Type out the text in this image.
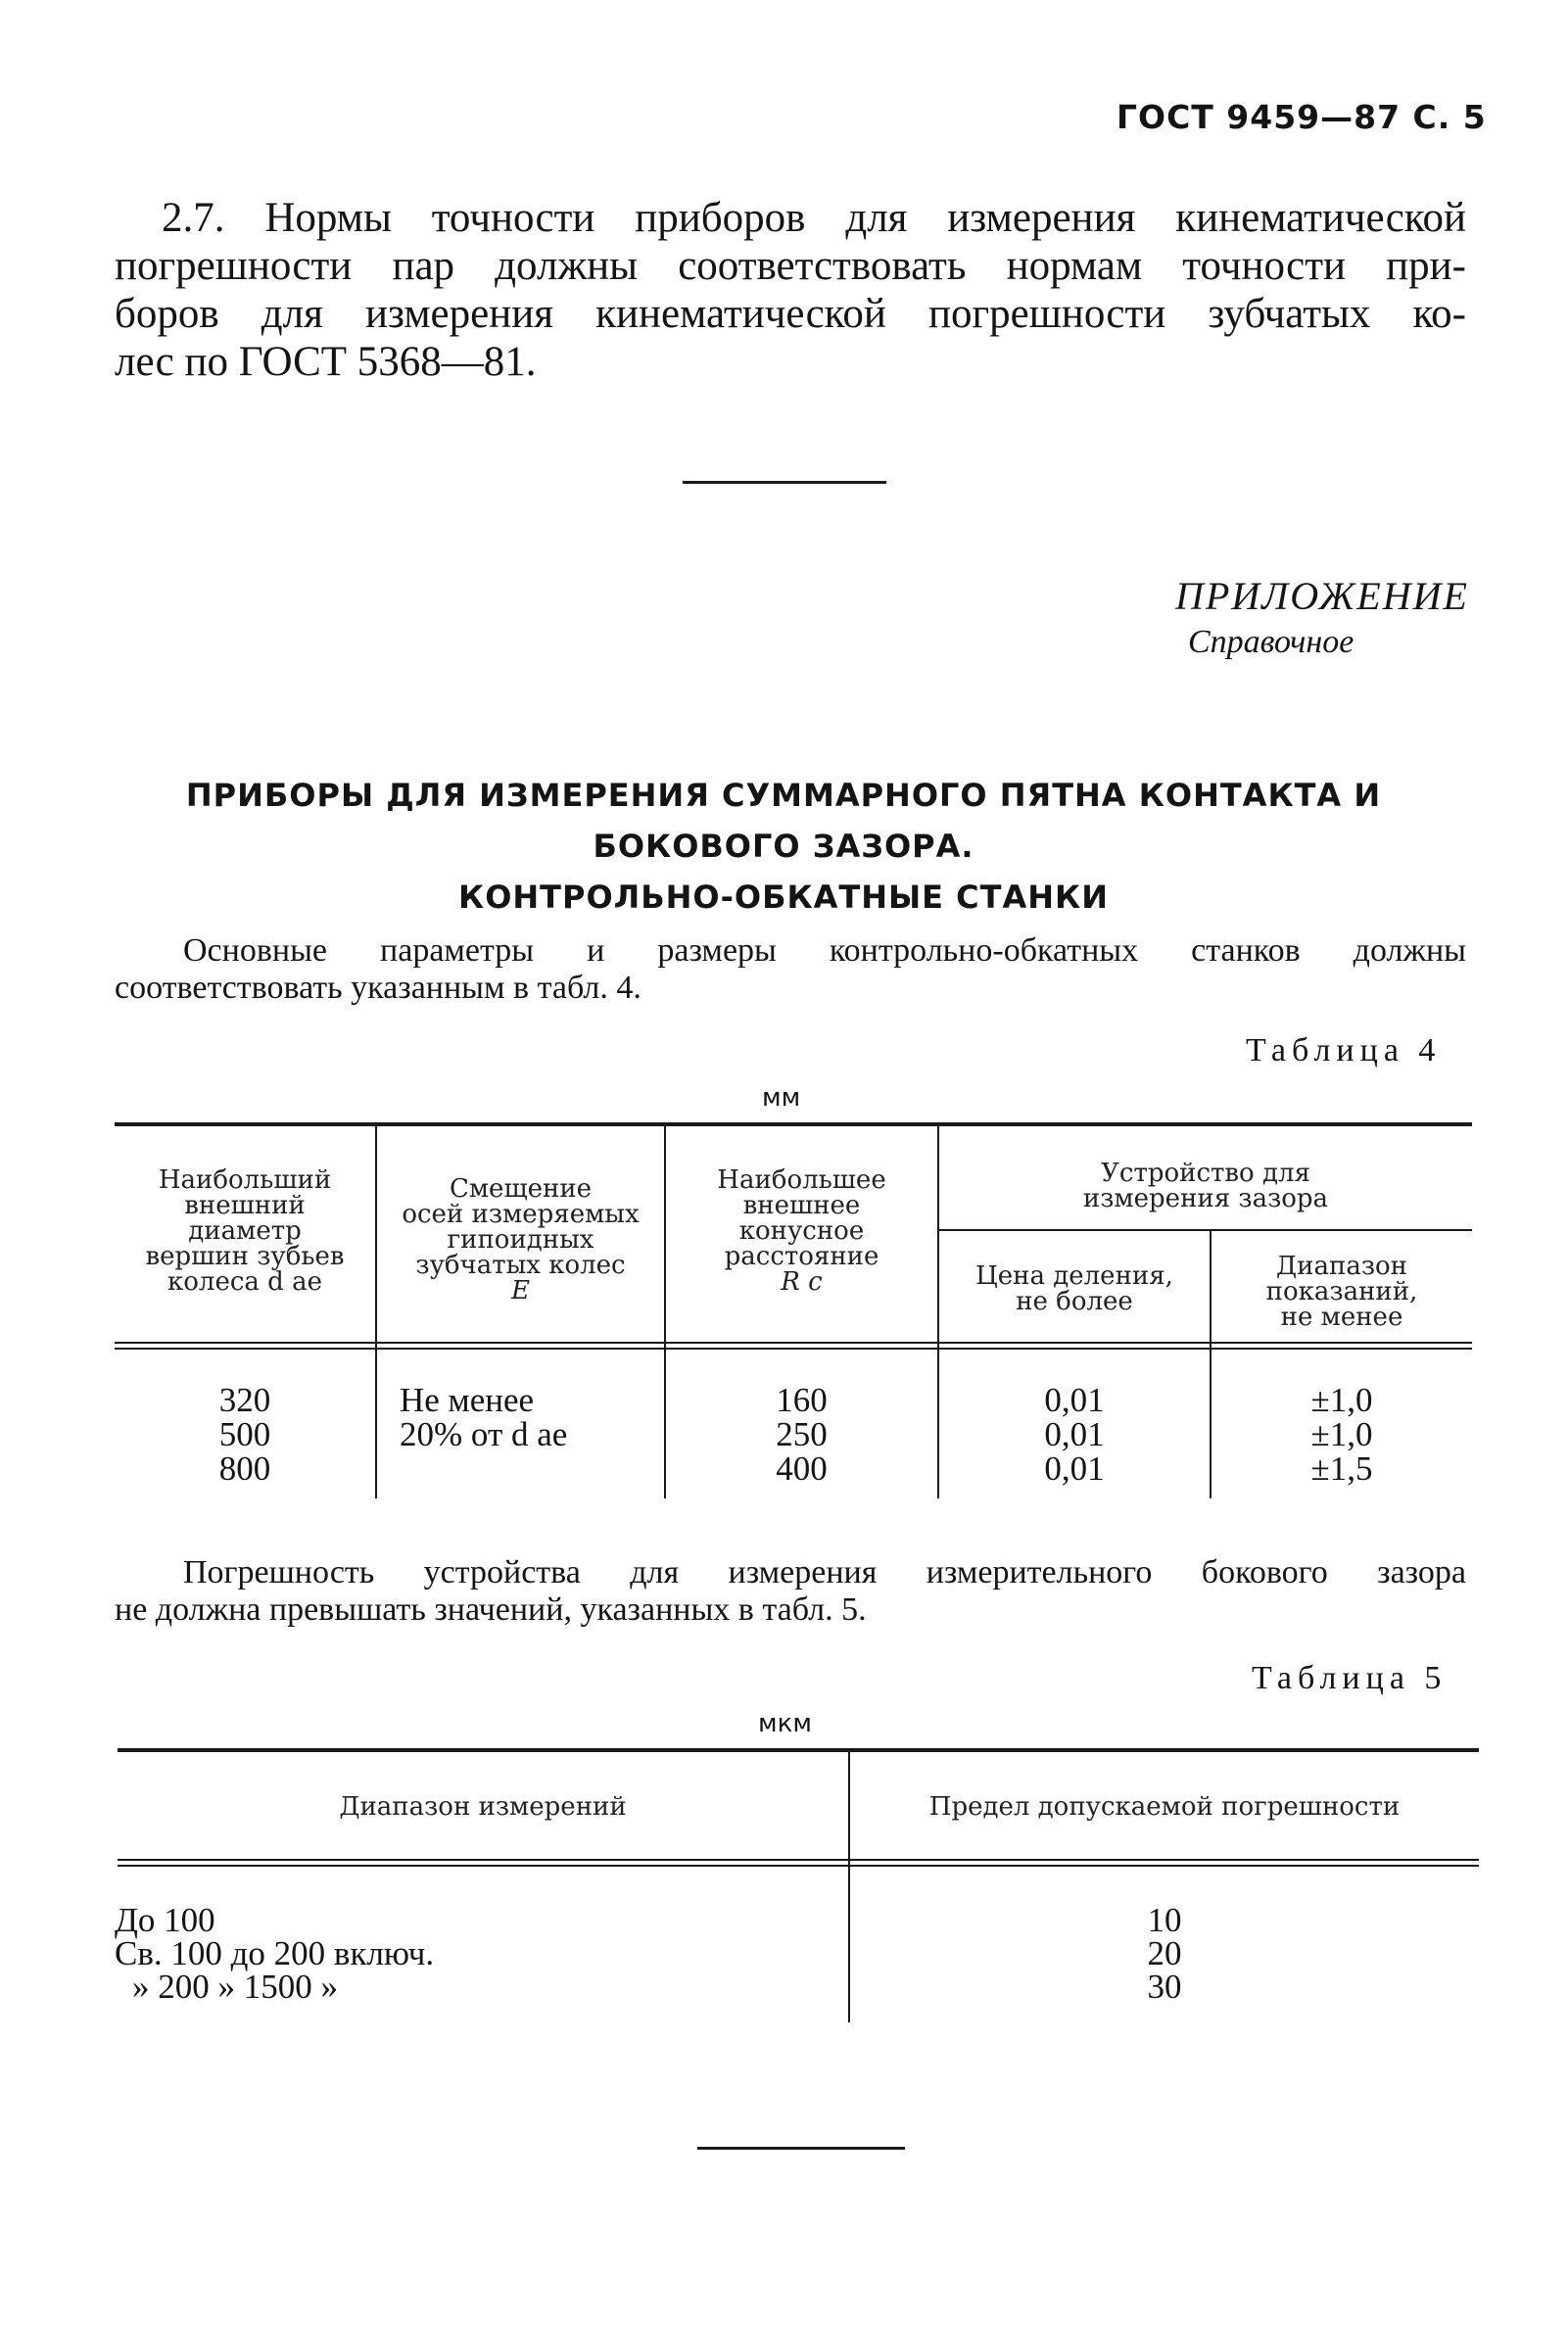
ГОСТ 9459—87 С. 5
2.7. Нормы точности приборов для измерения кинематической
погрешности пар должны соответствовать нормам точности при-
боров для измерения кинематической погрешности зубчатых ко-
лес по ГОСТ 5368—81.
ПРИЛОЖЕНИЕ
Справочное
ПРИБОРЫ ДЛЯ ИЗМЕРЕНИЯ СУММАРНОГО ПЯТНА КОНТАКТА И
БОКОВОГО ЗАЗОРА.
КОНТРОЛЬНО-ОБКАТНЫЕ СТАНКИ
Основные параметры и размеры контрольно-обкатных станков должны
соответствовать указанным в табл. 4.
Таблица 4
мм
Наибольший
внешний
диаметр
вершин зубьев
колеса d ae
Смещение
осей измеряемых
гипоидных
зубчатых колес
E
Наибольшее
внешнее
конусное
расстояние
R c
Устройство для
измерения зазора
Цена деления,
не более
Диапазон
показаний,
не менее
320
500
800
Не менее
20% от d ae
160
250
400
0,01
0,01
0,01
±1,0
±1,0
±1,5
Погрешность устройства для измерения измерительного бокового зазора
не должна превышать значений, указанных в табл. 5.
Таблица 5
мкм
Диапазон измерений	Предел допускаемой погрешности
До 100
Св. 100 до 200 включ.
» 200 » 1500 »
10
20
30
